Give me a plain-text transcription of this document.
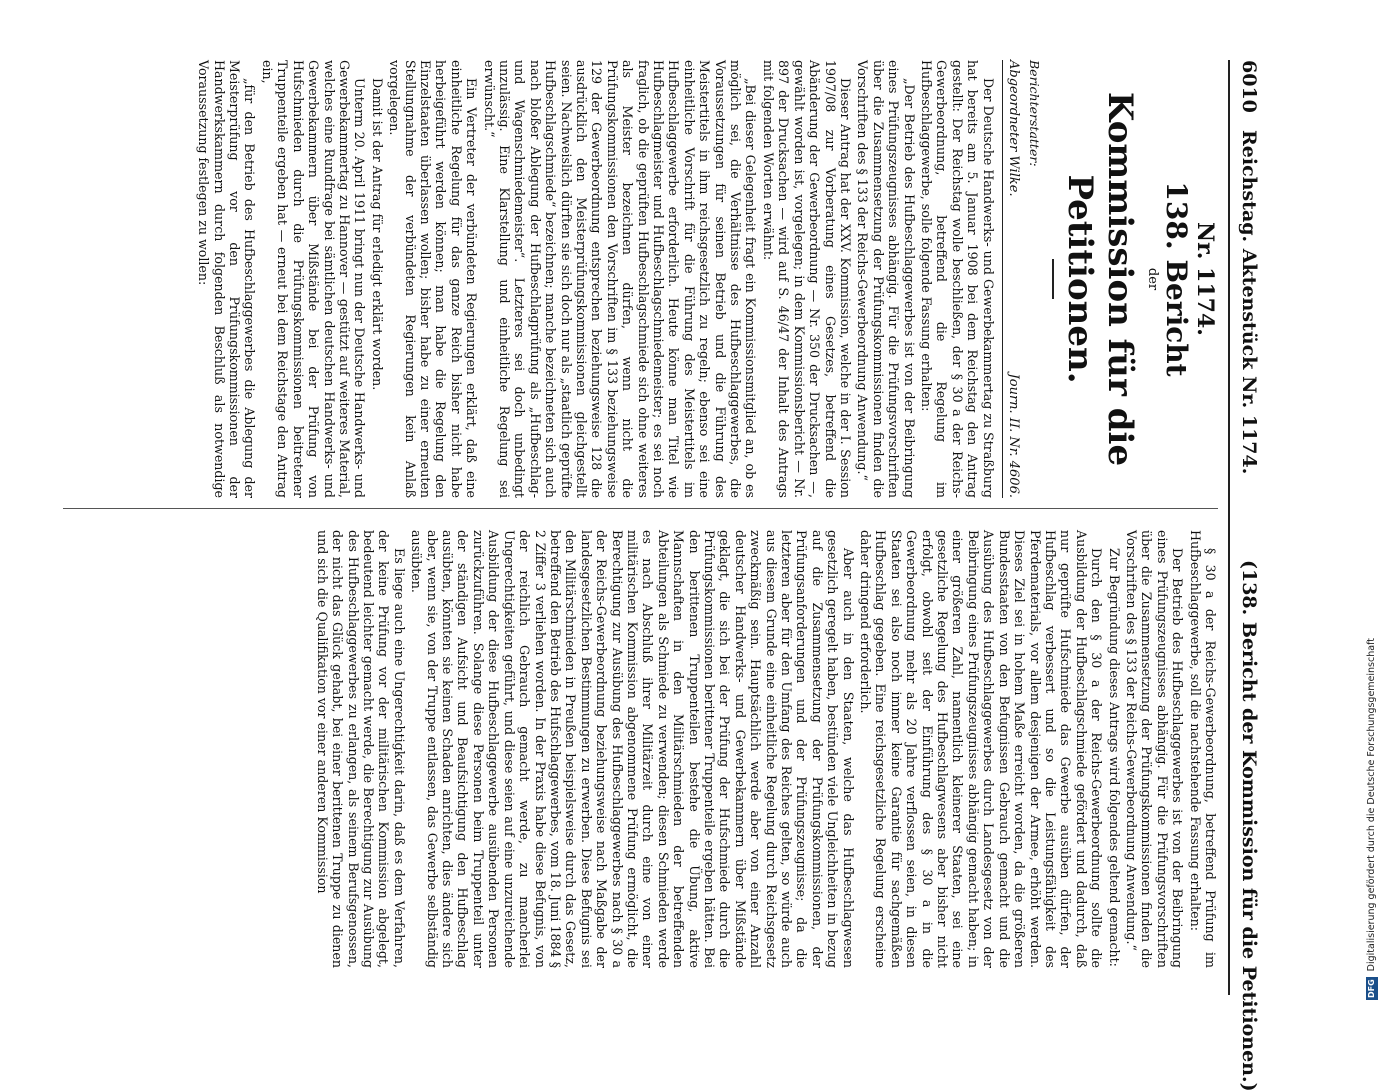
6010
Reichstag. Aktenstück Nr. 1174.
(138. Bericht der Kommission für die Petitionen.)
Nr. 1174.
138. Bericht
der
Kommission für die Petitionen.
Berichterstatter:
Abgeordneter Wilke.
Journ. II. Nr. 4606.

Der Deutsche Handwerks- und Gewerbekammertag zu Straßburg hat bereits am 5. Januar 1908 bei dem Reichstag den Antrag gestellt: Der Reichstag wolle beschließen, der § 30 a der Reichs-Gewerbeordnung, betreffend die Regelung im Hufbeschlaggewerbe, solle folgende Fassung erhalten:

„Der Betrieb des Hufbeschlaggewerbes ist von der Beibringung eines Prüfungszeugnisses abhängig. Für die Prüfungsvorschriften über die Zusammensetzung der Prüfungskommissionen finden die Vorschriften des § 133 der Reichs-Gewerbeordnung Anwendung.“

Dieser Antrag hat der XXV. Kommission, welche in der I. Session 1907/08 zur Vorberatung eines Gesetzes, betreffend die Abänderung der Gewerbeordnung — Nr. 350 der Drucksachen —, gewählt worden ist, vorgelegen; in dem Kommissionsbericht — Nr. 897 der Drucksachen — wird auf S. 46/47 der Inhalt des Antrags mit folgenden Worten erwähnt:

„Bei dieser Gelegenheit fragt ein Kommissionsmitglied an, ob es möglich sei, die Verhältnisse des Hufbeschlaggewerbes, die Voraussetzungen für seinen Betrieb und die Führung des Meistertitels in ihm reichsgesetzlich zu regeln; ebenso sei eine einheitliche Vorschrift für die Führung des Meistertitels im Hufbeschlaggewerbe erforderlich. Heute könne man Titel wie Hufbeschlagmeister und Hufbeschlagschmiedemeister; es sei noch fraglich, ob die geprüften Hufbeschlagschmiede sich ohne weiteres als Meister bezeichnen dürfen, wenn nicht die Prüfungskommissionen den Vorschriften im § 133 beziehungsweise 129 der Gewerbeordnung entsprechen beziehungsweise 128 die ausdrücklich den Meisterprüfungskommissionen gleichgestellt seien. Nachweislich dürften sie sich doch nur als „staatlich geprüfte Hufbeschlagschmiede“ bezeichnen; manche bezeichneten sich auch nach bloßer Ablegung der Hufbeschlagprüfung als „Hufbeschlag- und Wagenschmiedemeister“. Letzteres sei doch unbedingt unzulässig. Eine Klarstellung und einheitliche Regelung sei erwünscht.“

Ein Vertreter der verbündeten Regierungen erklärt, daß eine einheitliche Regelung für das ganze Reich bisher nicht habe herbeigeführt werden können; man habe die Regelung den Einzelstaaten überlassen wollen; bisher habe zu einer erneuten Stellungnahme der verbündeten Regierungen kein Anlaß vorgelegen.

Damit ist der Antrag für erledigt erklärt worden.

Unterm 20. April 1911 bringt nun der Deutsche Handwerks- und Gewerbekammertag zu Hannover — gestützt auf weiteres Material, welches eine Rundfrage bei sämtlichen deutschen Handwerks- und Gewerbekammern über Mißstände bei der Prüfung von Hufschmieden durch die Prüfungskommissionen beitretener Truppenteile ergeben hat — erneut bei dem Reichstage den Antrag ein,

„für den Betrieb des Hufbeschlaggewerbes die Ablegung der Meisterprüfung vor den Prüfungskommissionen der Handwerkskammern durch folgenden Beschluß als notwendige Voraussetzung festlegen zu wollen:

§ 30 a der Reichs-Gewerbeordnung, betreffend Prüfung im Hufbeschlaggewerbe, soll die nachstehende Fassung erhalten:

Der Betrieb des Hufbeschlaggewerbes ist von der Beibringung eines Prüfungszeugnisses abhängig. Für die Prüfungsvorschriften über die Zusammensetzung der Prüfungskommissionen finden die Vorschriften des § 133 der Reichs-Gewerbeordnung Anwendung.“

Zur Begründung dieses Antrags wird folgendes geltend gemacht:

Durch den § 30 a der Reichs-Gewerbeordnung sollte die Ausbildung der Hufbeschlagschmiede gefördert und dadurch, daß nur geprüfte Hufschmiede das Gewerbe ausüben dürfen, der Hufbeschlag verbessert und so die Leistungsfähigkeit des Pferdematerials, vor allem desjenigen der Armee, erhöht werden. Dieses Ziel sei in hohem Maße erreicht worden, da die größeren Bundesstaaten von den Befugnissen Gebrauch gemacht und die Ausübung des Hufbeschlaggewerbes durch Landesgesetz von der Beibringung eines Prüfungszeugnisses abhängig gemacht haben; in einer größeren Zahl, namentlich kleinerer Staaten, sei eine gesetzliche Regelung des Hufbeschlagwesens aber bisher nicht erfolgt, obwohl seit der Einführung des § 30 a in die Gewerbeordnung mehr als 20 Jahre verflossen seien, in diesen Staaten sei also noch immer keine Garantie für sachgemäßen Hufbeschlag gegeben. Eine reichsgesetzliche Regelung erscheine daher dringend erforderlich.

Aber auch in den Staaten, welche das Hufbeschlagwesen gesetzlich geregelt haben, bestünden viele Ungleichheiten in bezug auf die Zusammensetzung der Prüfungskommissionen, der Prüfungsanforderungen und der Prüfungszeugnisse; da die letzteren aber für den Umfang des Reiches gelten, so würde auch aus diesem Grunde eine einheitliche Regelung durch Reichsgesetz zweckmäßig sein. Hauptsächlich werde aber von einer Anzahl deutscher Handwerks- und Gewerbekammern über Mißstände geklagt, die sich bei der Prüfung der Hufschmiede durch die Prüfungskommissionen berittener Truppenteile ergeben hätten. Bei den berittenen Truppenteilen bestehe die Übung, aktive Mannschaften in den Militärschmieden der betreffenden Abteilungen als Schmiede zu verwenden; diesen Schmieden werde es nach Abschluß ihrer Militärzeit durch eine von einer militärischen Kommission abgenommene Prüfung ermöglicht, die Berechtigung zur Ausübung des Hufbeschlaggewerbes nach § 30 a der Reichs-Gewerbeordnung beziehungsweise nach Maßgabe der landesgesetzlichen Bestimmungen zu erwerben. Diese Befugnis sei den Militärschmieden in Preußen beispielsweise durch das Gesetz, betreffend den Betrieb des Hufschlaggewerbes, vom 18. Juni 1884 § 2 Ziffer 3 verliehen worden. In der Praxis habe diese Befugnis, von der reichlich Gebrauch gemacht werde, zu mancherlei Ungerechtigkeiten geführt, und diese seien auf eine unzureichende Ausbildung der diese Hufbeschlaggewerbe ausübenden Personen zurückzuführen. Solange diese Personen beim Truppenteil unter der ständigen Aufsicht und Beaufsichtigung den Hufbeschlag ausübten, könnten sie keinen Schaden anrichten, dies ändere sich aber, wenn sie, von der Truppe entlassen, das Gewerbe selbständig ausübten.

Es liege auch eine Ungerechtigkeit darin, daß es dem Verfahren, der keine Prüfung vor der militärischen Kommission abgelegt, bedeutend leichter gemacht werde, die Berechtigung zur Ausübung des Hufbeschlaggewerbes zu erlangen, als seinem Berufsgenossen, der nicht das Glück gehabt, bei einer berittenen Truppe zu dienen und sich die Qualifikation vor einer anderen Kommission

DFG
Digitalisierung gefördert durch die Deutsche Forschungsgemeinschaft
